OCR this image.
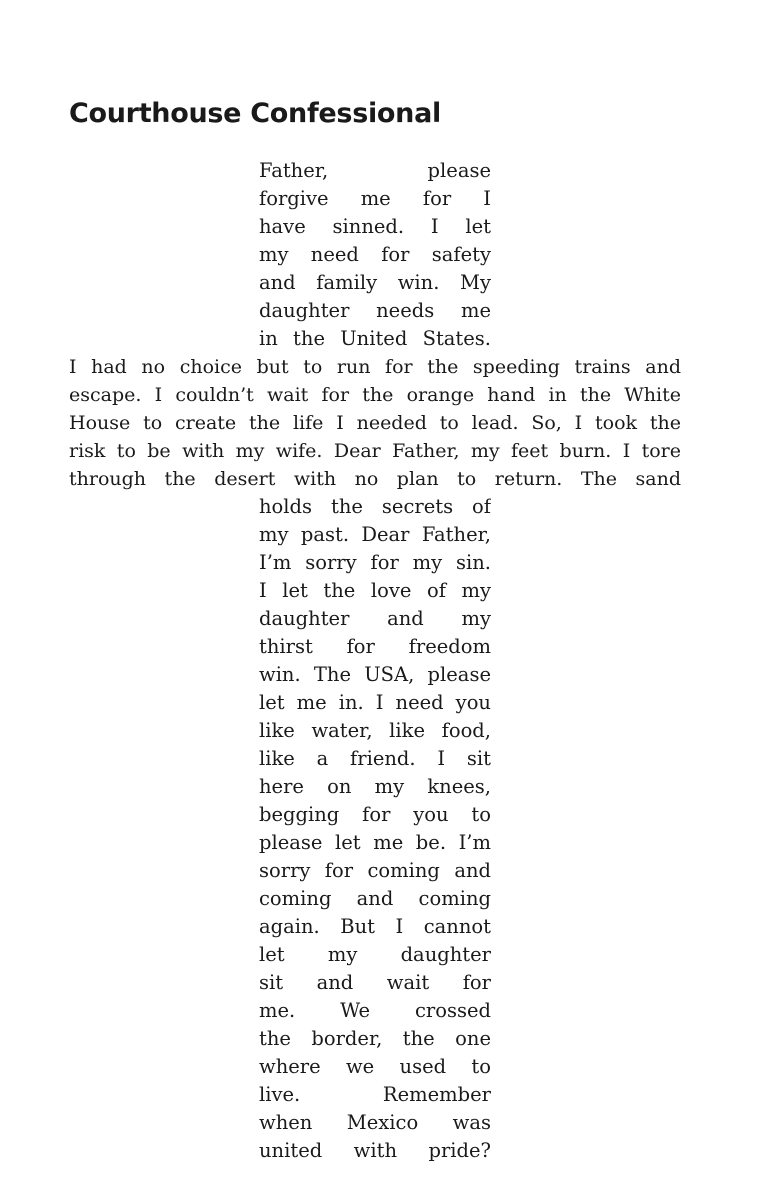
Courthouse Confessional
Father, please
forgive me for I
have sinned. I let
my need for safety
and family win. My
daughter needs me
in the United States.
I had no choice but to run for the speeding trains and
escape. I couldn’t wait for the orange hand in the White
House to create the life I needed to lead. So, I took the
risk to be with my wife. Dear Father, my feet burn. I tore
through the desert with no plan to return. The sand
holds the secrets of
my past. Dear Father,
I’m sorry for my sin.
I let the love of my
daughter and my
thirst for freedom
win. The USA, please
let me in. I need you
like water, like food,
like a friend. I sit
here on my knees,
begging for you to
please let me be. I’m
sorry for coming and
coming and coming
again. But I cannot
let my daughter
sit and wait for
me. We crossed
the border, the one
where we used to
live. Remember
when Mexico was
united with pride?
